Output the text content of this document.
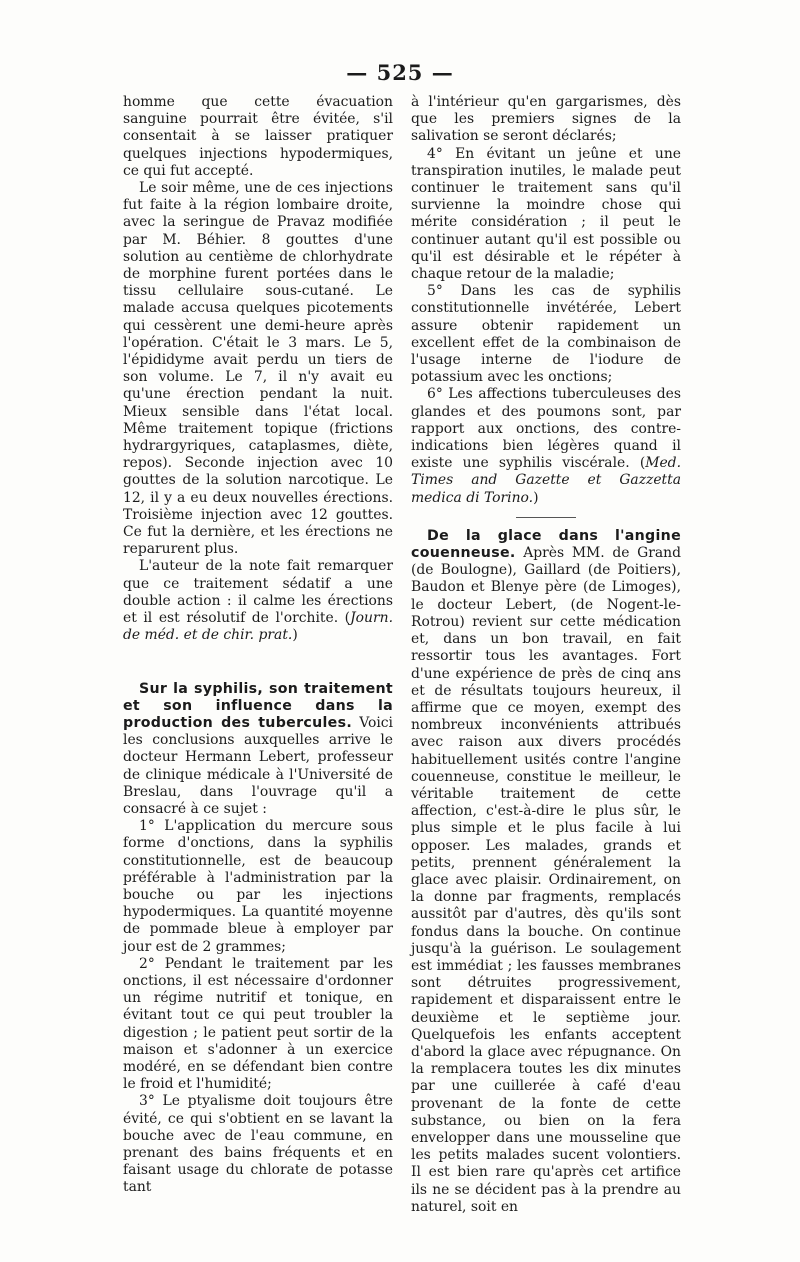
— 525 —

homme que cette évacuation sanguine pourrait être évitée, s'il consentait à se laisser pratiquer quelques injections hypodermiques, ce qui fut accepté.

Le soir même, une de ces injections fut faite à la région lombaire droite, avec la seringue de Pravaz modifiée par M. Béhier. 8 gouttes d'une solution au centième de chlorhydrate de morphine furent portées dans le tissu cellulaire sous-cutané. Le malade accusa quelques picotements qui cessèrent une demi-heure après l'opération. C'était le 3 mars. Le 5, l'épididyme avait perdu un tiers de son volume. Le 7, il n'y avait eu qu'une érection pendant la nuit. Mieux sensible dans l'état local. Même traitement topique (frictions hydrargyriques, cataplasmes, diète, repos). Seconde injection avec 10 gouttes de la solution narcotique. Le 12, il y a eu deux nouvelles érections. Troisième injection avec 12 gouttes. Ce fut la dernière, et les érections ne reparurent plus.

L'auteur de la note fait remarquer que ce traitement sédatif a une double action : il calme les érections et il est résolutif de l'orchite. (Journ. de méd. et de chir. prat.)

Sur la syphilis, son traitement et son influence dans la production des tubercules. Voici les conclusions auxquelles arrive le docteur Hermann Lebert, professeur de clinique médicale à l'Université de Breslau, dans l'ouvrage qu'il a consacré à ce sujet :

1° L'application du mercure sous forme d'onctions, dans la syphilis constitutionnelle, est de beaucoup préférable à l'administration par la bouche ou par les injections hypodermiques. La quantité moyenne de pommade bleue à employer par jour est de 2 grammes;

2° Pendant le traitement par les onctions, il est nécessaire d'ordonner un régime nutritif et tonique, en évitant tout ce qui peut troubler la digestion ; le patient peut sortir de la maison et s'adonner à un exercice modéré, en se défendant bien contre le froid et l'humidité;

3° Le ptyalisme doit toujours être évité, ce qui s'obtient en se lavant la bouche avec de l'eau commune, en prenant des bains fréquents et en faisant usage du chlorate de potasse tant

à l'intérieur qu'en gargarismes, dès que les premiers signes de la salivation se seront déclarés;

4° En évitant un jeûne et une transpiration inutiles, le malade peut continuer le traitement sans qu'il survienne la moindre chose qui mérite considération ; il peut le continuer autant qu'il est possible ou qu'il est désirable et le répéter à chaque retour de la maladie;

5° Dans les cas de syphilis constitutionnelle invétérée, Lebert assure obtenir rapidement un excellent effet de la combinaison de l'usage interne de l'iodure de potassium avec les onctions;

6° Les affections tuberculeuses des glandes et des poumons sont, par rapport aux onctions, des contre-indications bien légères quand il existe une syphilis viscérale. (Med. Times and Gazette et Gazzetta medica di Torino.)

De la glace dans l'angine couenneuse. Après MM. de Grand (de Boulogne), Gaillard (de Poitiers), Baudon et Blenye père (de Limoges), le docteur Lebert, (de Nogent-le-Rotrou) revient sur cette médication et, dans un bon travail, en fait ressortir tous les avantages. Fort d'une expérience de près de cinq ans et de résultats toujours heureux, il affirme que ce moyen, exempt des nombreux inconvénients attribués avec raison aux divers procédés habituellement usités contre l'angine couenneuse, constitue le meilleur, le véritable traitement de cette affection, c'est-à-dire le plus sûr, le plus simple et le plus facile à lui opposer. Les malades, grands et petits, prennent généralement la glace avec plaisir. Ordinairement, on la donne par fragments, remplacés aussitôt par d'autres, dès qu'ils sont fondus dans la bouche. On continue jusqu'à la guérison. Le soulagement est immédiat ; les fausses membranes sont détruites progressivement, rapidement et disparaissent entre le deuxième et le septième jour. Quelquefois les enfants acceptent d'abord la glace avec répugnance. On la remplacera toutes les dix minutes par une cuillerée à café d'eau provenant de la fonte de cette substance, ou bien on la fera envelopper dans une mousseline que les petits malades sucent volontiers. Il est bien rare qu'après cet artifice ils ne se décident pas à la prendre au naturel, soit en
